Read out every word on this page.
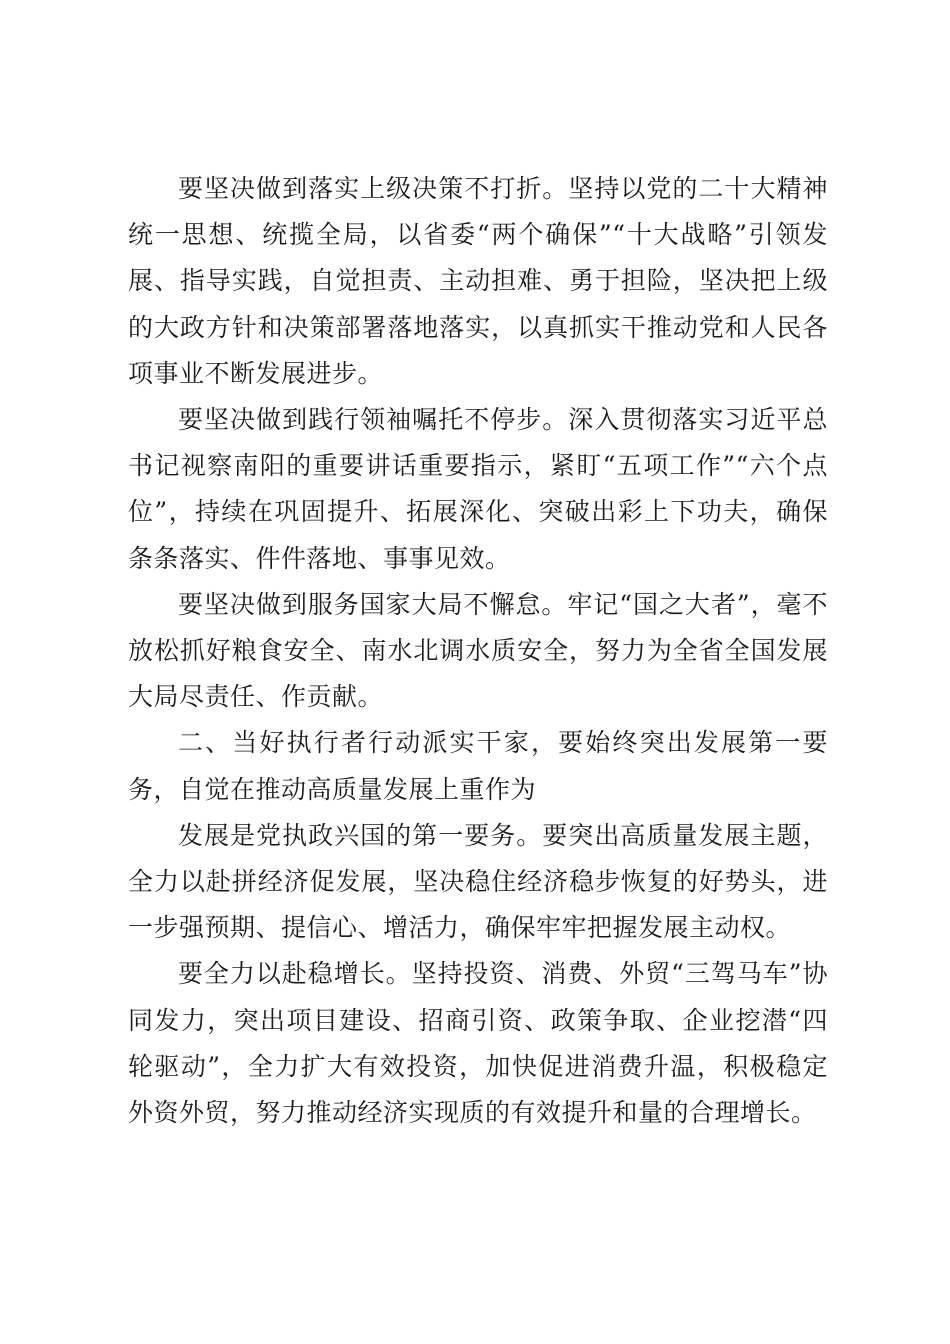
要坚决做到落实上级决策不打折。坚持以党的二十大精神统一思想、统揽全局，以省委“两个确保”“十大战略”引领发展、指导实践，自觉担责、主动担难、勇于担险，坚决把上级的大政方针和决策部署落地落实，以真抓实干推动党和人民各项事业不断发展进步。

要坚决做到践行领袖嘱托不停步。深入贯彻落实习近平总书记视察南阳的重要讲话重要指示，紧盯“五项工作”“六个点位”，持续在巩固提升、拓展深化、突破出彩上下功夫，确保条条落实、件件落地、事事见效。

要坚决做到服务国家大局不懈怠。牢记“国之大者”，毫不放松抓好粮食安全、南水北调水质安全，努力为全省全国发展大局尽责任、作贡献。

二、当好执行者行动派实干家，要始终突出发展第一要务，自觉在推动高质量发展上重作为

发展是党执政兴国的第一要务。要突出高质量发展主题，全力以赴拼经济促发展，坚决稳住经济稳步恢复的好势头，进一步强预期、提信心、增活力，确保牢牢把握发展主动权。

要全力以赴稳增长。坚持投资、消费、外贸“三驾马车”协同发力，突出项目建设、招商引资、政策争取、企业挖潜“四轮驱动”，全力扩大有效投资，加快促进消费升温，积极稳定外资外贸，努力推动经济实现质的有效提升和量的合理增长。
